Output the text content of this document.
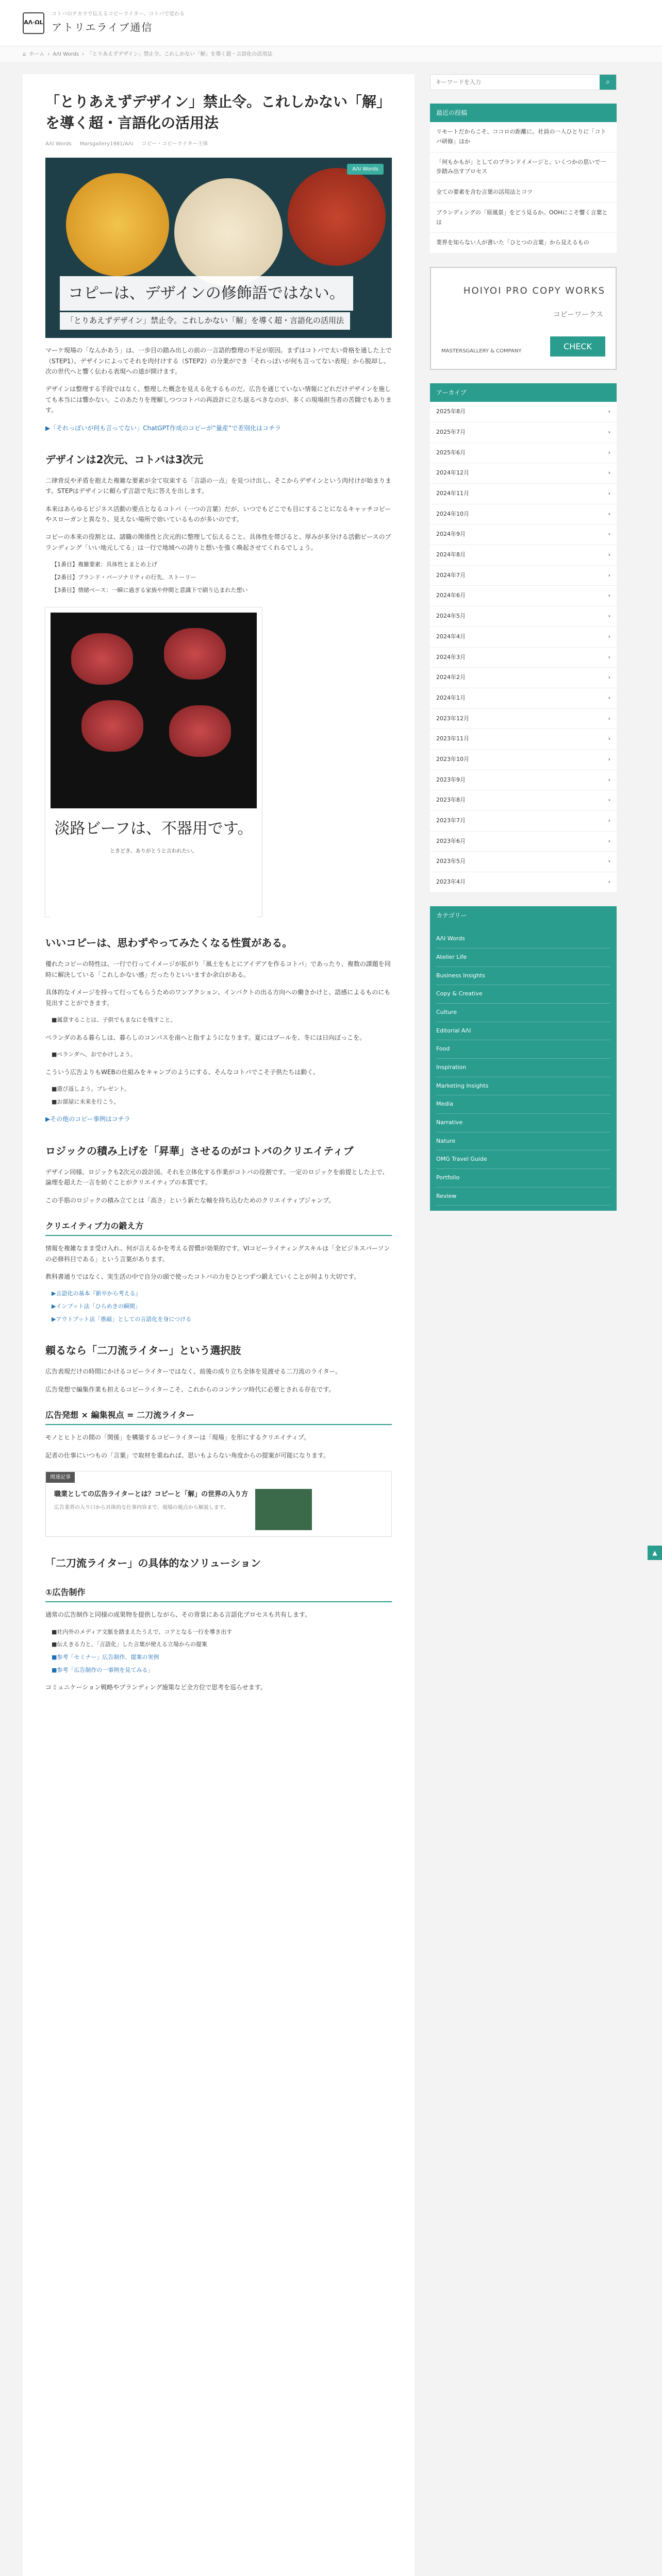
AΛ·ΩL
コトバのチカラで伝えるコピーライター、コトバで変わる
アトリエライブ通信
⌂ ホーム › AΛI Words › 「とりあえずデザイン」禁止令。これしかない「解」を導く超・言語化の活用法
「とりあえずデザイン」禁止令。これしかない「解」を導く超・言語化の活用法
AΛI Words Marsgallery1981/AΛI コピー・コピーライター主体
AΛI Words
コピーは、デザインの修飾語ではない。
「とりあえずデザイン」禁止令。これしかない「解」を導く超・言語化の活用法

マーケ現場の「なんかあう」は、一歩目の踏み出しの前の一言語的整理の不足が原因。まずはコトバで太い骨格を通した上で（STEP1）、デザインによってそれを肉付けする（STEP2）の分業ができ「それっぽいが何も言ってない表現」から脱却し、次の世代へと響く伝わる表現への道が開けます。

デザインは整理する手段ではなく、整理した概念を見える化するものだ。広告を通じていない情報にどれだけデザインを施しても本当には響かない。このあたりを理解しつつコトバの再設計に立ち返るべきなのが、多くの現場担当者の苦闘でもあります。

▶「それっぽいが何も言ってない」ChatGPT作成のコピーが“量産”で差別化はコチラ

デザインは2次元、コトバは3次元

二律背反や矛盾を抱えた複雑な要素が全て収束する「言語の一点」を見つけ出し、そこからデザインという肉付けが始まります。STEPはデザインに頼らず言語で先に答えを出します。

本来はあらゆるビジネス活動の要点となるコトバ（一つの言葉）だが、いつでもどこでも目にすることになるキャッチコピーやスローガンと異なり、見えない場所で効いているものが多いのです。

コピーの本来の役割とは、諸職の関係性と次元的に整理して伝えること。具体性を帯びると、厚みが多分ける活動ピースのブランディング「いい地元してる」は一行で地域への誇りと想いを強く喚起させてくれるでしょう。

【1番目】複雑要素：具体性とまとめ上げ
【2番目】ブランド・パーソナリティの行先、ストーリー
【3番目】情緒ベース：一瞬に過ぎる家族や仲間と意識下で刷り込まれた想い
淡路ビーフは、不器用です。
ときどき、ありがとうと言われたい。
いいコピーは、思わずやってみたくなる性質がある。

優れたコピーの特性は、一行で行ってイメージが拡がり「風土をもとにアイデアを作るコトバ」であったり、複数の課題を同時に解決している「これしかない感」だったりといいますか余白がある。

具体的なイメージを持って行ってもらうためのワンアクション、インパクトの出る方向への働きかけと、語感によるものにも見出すことができます。

■属意することは、子供でもまなにを残すこと。

ベランダのある暮らしは、暮らしのコンパスを南へと指すようになります。夏にはプールを、冬には日向ぼっこを。

■ペランダへ、おでかけしよう。

こういう広告よりもWEBの仕組みをキャンプのようにする、そんなコトバでこそ子供たちは動く。

■遊び返しよう。プレゼント。
■お部屋に未来を行こう。

▶その他のコピー事例はコチラ

ロジックの積み上げを「昇華」させるのがコトバのクリエイティブ

デザイン同様、ロジックも2次元の設計図。それを立体化する作業がコトバの役割です。一定のロジックを前提とした上で、論理を超えた一言を紡ぐことがクリエイティブの本質です。

この手筋のロジックの積み立てとは「高さ」という新たな軸を持ち込むためのクリエイティブジャンプ。

クリエイティブ力の鍛え方

情報を複雑なまま受け入れ、何が言えるかを考える習慣が効果的です。VIコピーライティングスキルは「全ビジネスパーソンの必修科目である」という言葉があります。

教科書通りではなく、実生活の中で自分の頭で使ったコトバの力をひとつずつ鍛えていくことが何より大切です。

▶言語化の基本『新卒から考える』
▶インプット法「ひらめきの瞬間」
▶アウトプット法「推敲」としての言語化を身につける
頼るなら「二刀流ライター」という選択肢

広告表現だけの時間にかけるコピーライターではなく、前後の成り立ち全体を見渡せる二刀流のライター。

広告発想で編集作業も担えるコピーライターこそ、これからのコンテンツ時代に必要とされる存在です。

広告発想 × 編集視点 = 二刀流ライター

モノとヒトとの間の「関係」を構築するコピーライターは「現場」を形にするクリエイティブ。

記者の仕事にいつもの「言葉」で取材を重ねれば、思いもよらない角度からの提案が可能になります。

関連記事
職業としての広告ライターとは？コピーと「解」の世界の入り方
広告業界の入り口から具体的な仕事内容まで、現場の視点から解説します。
「二刀流ライター」の具体的なソリューション
①広告制作

通常の広告制作と同様の成果物を提供しながら、その背景にある言語化プロセスも共有します。

■社内外のメディア文脈を踏まえたうえで、コアとなる一行を導き出す
■伝えきる力と、「言語化」した言葉が使える立場からの提案
■参考「セミナー」広告制作、提案の実例
■参考「広告制作の一事例を見てみる」

コミュニケーション戦略やブランディング施策など全方位で思考を巡らせます。

キーワードを入力
⌕
最近の投稿
リモートだからこそ、ココロの距離に。社員の一人ひとりに「コトバ研修」ほか
「何もかもが」としてのブランドイメージと、いくつかの思いで一歩踏み出すプロセス
全ての要素を含む言葉の活用法とコツ
ブランディングの「原風景」をどう見るか。OOHにこそ響く言葉とは
業界を知らない人が書いた「ひとつの言葉」から見えるもの
HOIYOI PRO COPY WORKS
コピーワークス
MASTERSGALLERY & COMPANY	CHECK
アーカイブ
2025年8月	›
2025年7月	›
2025年6月	›
2024年12月	›
2024年11月	›
2024年10月	›
2024年9月	›
2024年8月	›
2024年7月	›
2024年6月	›
2024年5月	›
2024年4月	›
2024年3月	›
2024年2月	›
2024年1月	›
2023年12月	›
2023年11月	›
2023年10月	›
2023年9月	›
2023年8月	›
2023年7月	›
2023年6月	›
2023年5月	›
2023年4月	›
カテゴリー
AΛI Words
Atelier Life
Business Insights
Copy & Creative
Culture
Editorial AΛI
Food
Inspiration
Marketing Insights
Media
Narrative
Nature
OMG Travel Guide
Portfolio
Review
▲
